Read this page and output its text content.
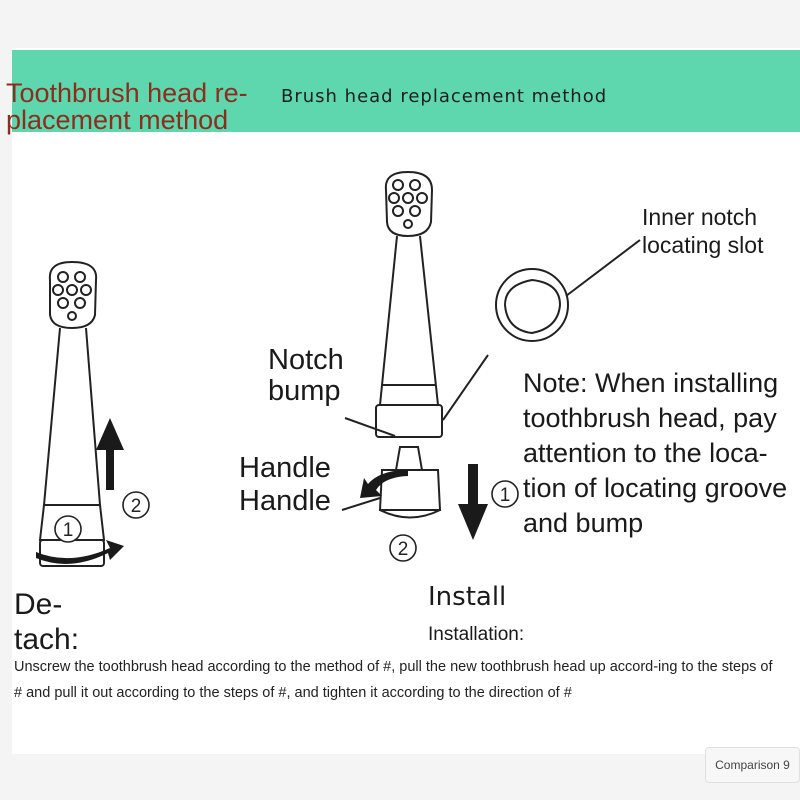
Brush head replacement method
2
1
1
2
Toothbrush head re-placement method
Notch bump
Handle Handle
Inner notch locating slot
Note: When installing toothbrush head, pay attention to the loca-tion of locating groove and bump
De-tach:
Install
Installation:

Unscrew the toothbrush head according to the method of #, pull the new toothbrush head up accord-ing to the steps of # and pull it out according to the steps of #, and tighten it according to the direction of #

Comparison 9
